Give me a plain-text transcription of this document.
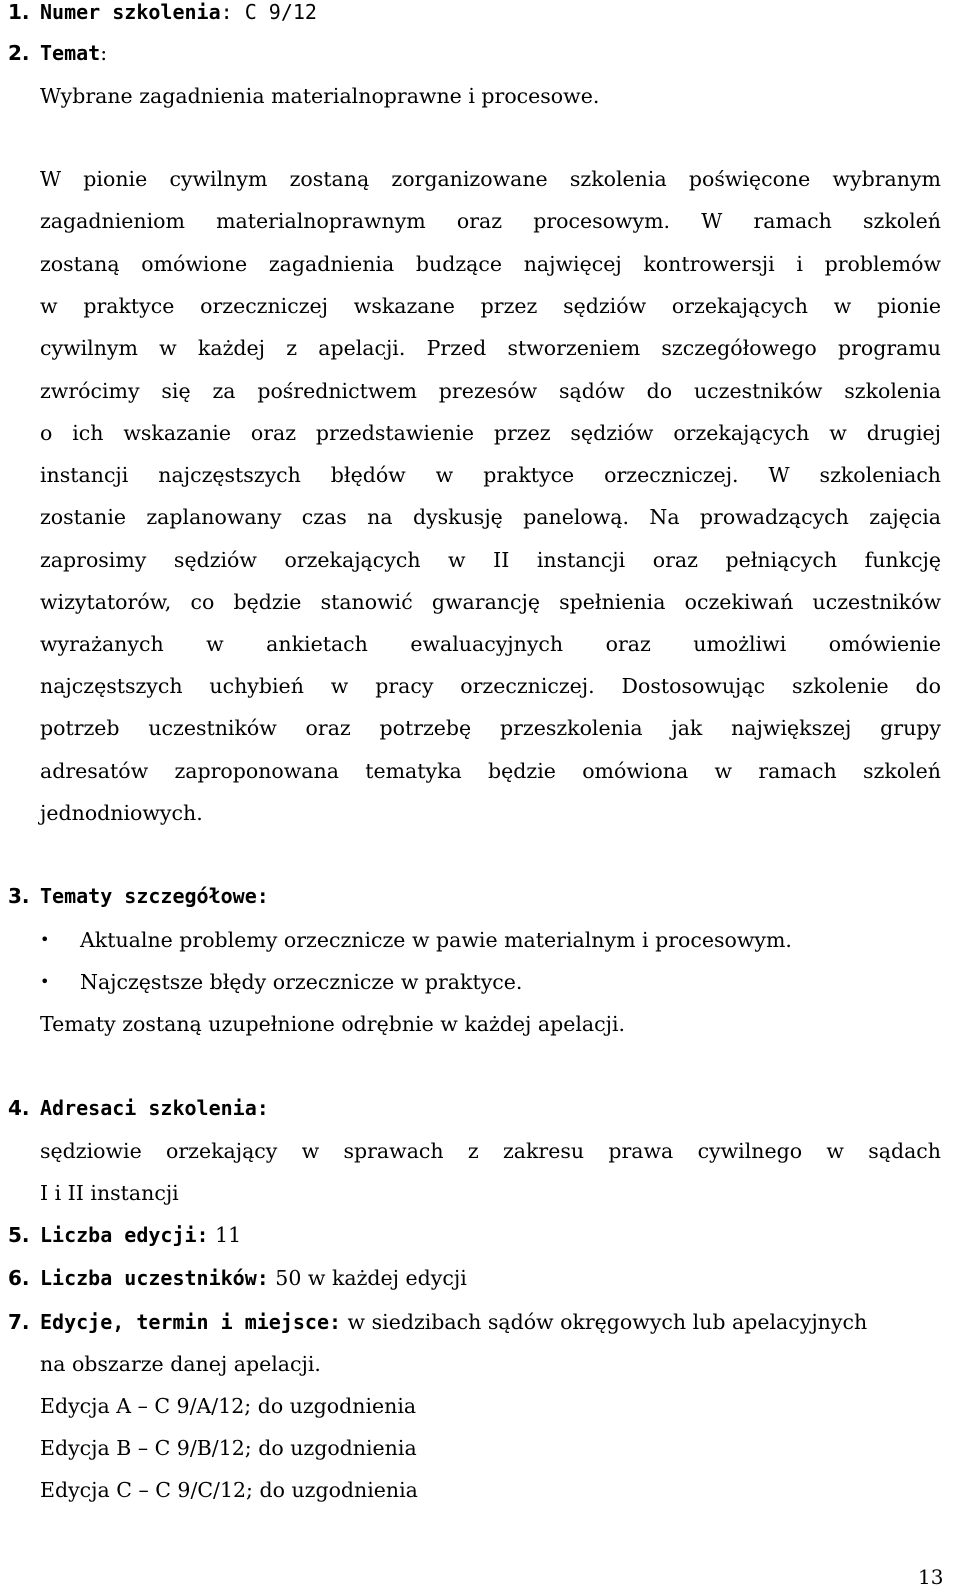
1. Numer szkolenia: C 9/12
2. Temat:
Wybrane zagadnienia materialnoprawne i procesowe.
W pionie cywilnym zostaną zorganizowane szkolenia poświęcone wybranym
zagadnieniom materialnoprawnym oraz procesowym. W ramach szkoleń
zostaną omówione zagadnienia budzące najwięcej kontrowersji i problemów
w praktyce orzeczniczej wskazane przez sędziów orzekających w pionie
cywilnym w każdej z apelacji. Przed stworzeniem szczegółowego programu
zwrócimy się za pośrednictwem prezesów sądów do uczestników szkolenia
o ich wskazanie oraz przedstawienie przez sędziów orzekających w drugiej
instancji najczęstszych błędów w praktyce orzeczniczej. W szkoleniach
zostanie zaplanowany czas na dyskusję panelową. Na prowadzących zajęcia
zaprosimy sędziów orzekających w II instancji oraz pełniących funkcję
wizytatorów, co będzie stanowić gwarancję spełnienia oczekiwań uczestników
wyrażanych w ankietach ewaluacyjnych oraz umożliwi omówienie
najczęstszych uchybień w pracy orzeczniczej. Dostosowując szkolenie do
potrzeb uczestników oraz potrzebę przeszkolenia jak największej grupy
adresatów zaproponowana tematyka będzie omówiona w ramach szkoleń
jednodniowych.
3. Tematy szczegółowe:
• Aktualne problemy orzecznicze w pawie materialnym i procesowym.
• Najczęstsze błędy orzecznicze w praktyce.
Tematy zostaną uzupełnione odrębnie w każdej apelacji.
4. Adresaci szkolenia:
sędziowie orzekający w sprawach z zakresu prawa cywilnego w sądach
I i II instancji
5. Liczba edycji: 11
6. Liczba uczestników: 50 w każdej edycji
7. Edycje, termin i miejsce: w siedzibach sądów okręgowych lub apelacyjnych
na obszarze danej apelacji.
Edycja A – C 9/A/12; do uzgodnienia
Edycja B – C 9/B/12; do uzgodnienia
Edycja C – C 9/C/12; do uzgodnienia
13
